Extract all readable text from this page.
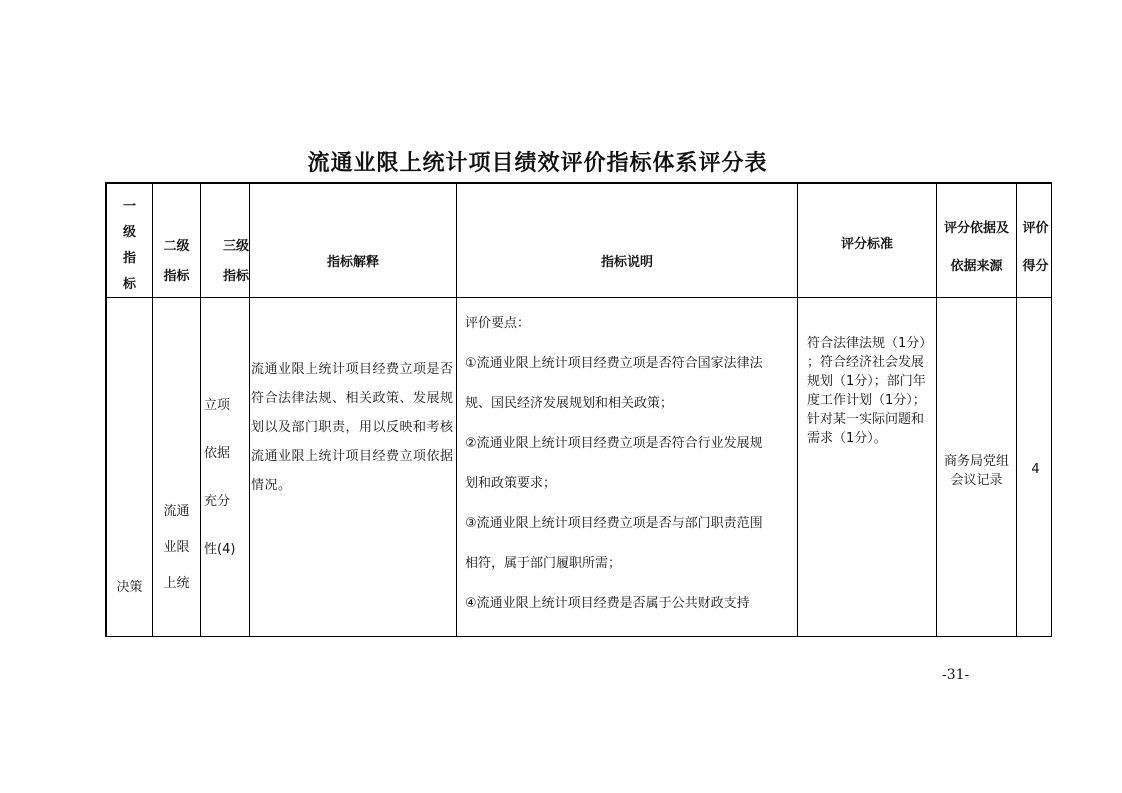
流通业限上统计项目绩效评价指标体系评分表
一
级
指
标
二级
指标
三级
指标
指标解释	指标说明
评分标准
评分依据及
依据来源
评价
得分
决策
流通
业限
上统
立项
依据
充分
性(4)
流通业限上统计项目经费立项是否符合法律法规、相关政策、发展规划以及部门职责，用以反映和考核流通业限上统计项目经费立项依据情况。
评价要点：
①流通业限上统计项目经费立项是否符合国家法律法
规、国民经济发展规划和相关政策；
②流通业限上统计项目经费立项是否符合行业发展规
划和政策要求；
③流通业限上统计项目经费立项是否与部门职责范围
相符，属于部门履职所需；
④流通业限上统计项目经费是否属于公共财政支持
符合法律法规（1分）
；符合经济社会发展
规划（1分）；部门年
度工作计划（1分）；
针对某一实际问题和
需求（1分）。
商务局党组
会议记录
4
-31-
